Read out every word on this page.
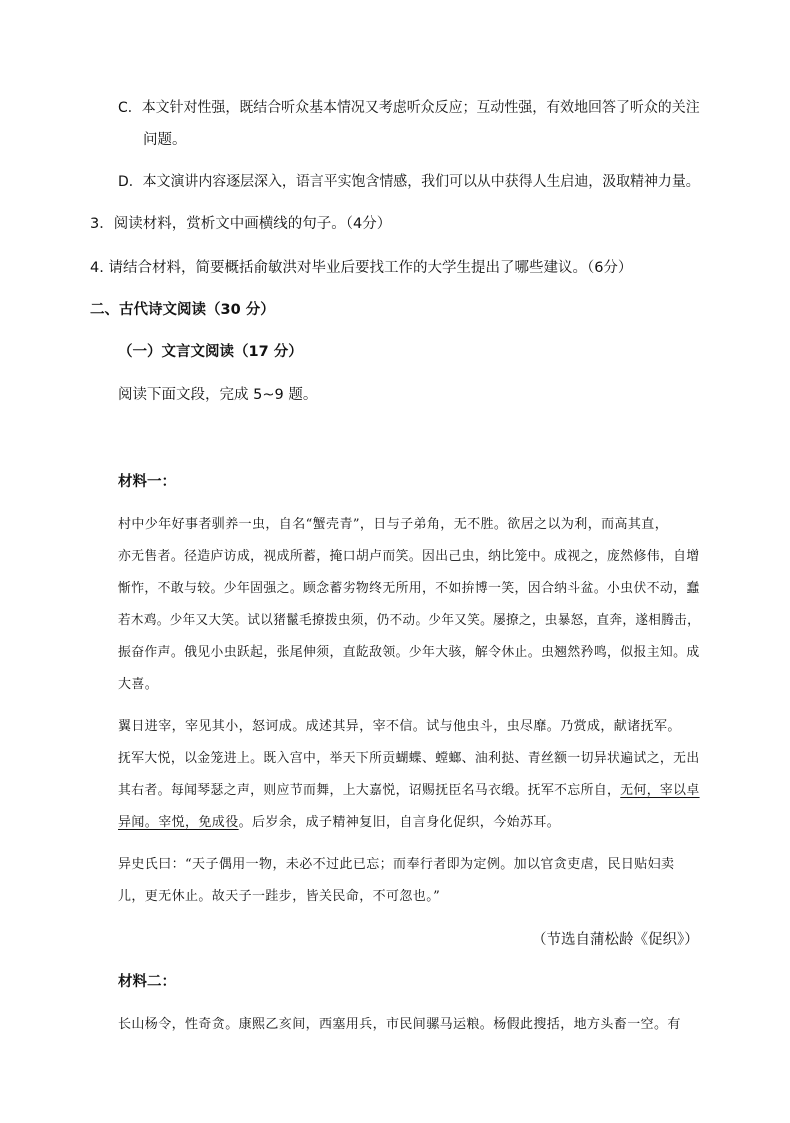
C．本文针对性强，既结合听众基本情况又考虑听众反应；互动性强，有效地回答了听众的关注
问题。
D．本文演讲内容逐层深入，语言平实饱含情感，我们可以从中获得人生启迪，汲取精神力量。
3．阅读材料，赏析文中画横线的句子。（4分）
4. 请结合材料，简要概括俞敏洪对毕业后要找工作的大学生提出了哪些建议。（6分）
二、古代诗文阅读（30 分）
（一）文言文阅读（17 分）
阅读下面文段，完成 5~9 题。
材料一：
村中少年好事者驯养一虫，自名“蟹壳青”，日与子弟角，无不胜。欲居之以为利，而高其直，
亦无售者。径造庐访成，视成所蓄，掩口胡卢而笑。因出己虫，纳比笼中。成视之，庞然修伟，自增
惭怍，不敢与较。少年固强之。顾念蓄劣物终无所用，不如拚博一笑，因合纳斗盆。小虫伏不动，蠢
若木鸡。少年又大笑。试以猪鬣毛撩拨虫须，仍不动。少年又笑。屡撩之，虫暴怒，直奔，遂相腾击，
振奋作声。俄见小虫跃起，张尾伸须，直龁敌领。少年大骇，解令休止。虫翘然矜鸣，似报主知。成
大喜。
翼日进宰，宰见其小，怒诃成。成述其异，宰不信。试与他虫斗，虫尽靡。乃赏成，献诸抚军。
抚军大悦，以金笼进上。既入宫中，举天下所贡蝴蝶、螳螂、油利挞、青丝额一切异状遍试之，无出
其右者。每闻琴瑟之声，则应节而舞，上大嘉悦，诏赐抚臣名马衣缎。抚军不忘所自，无何，宰以卓
异闻。宰悦，免成役。后岁余，成子精神复旧，自言身化促织，今始苏耳。
异史氏曰：“天子偶用一物，未必不过此已忘；而奉行者即为定例。加以官贪吏虐，民日贴妇卖
儿，更无休止。故天子一跬步，皆关民命，不可忽也。”
（节选自蒲松龄《促织》）
材料二：
长山杨令，性奇贪。康熙乙亥间，西塞用兵，市民间骡马运粮。杨假此搜括，地方头畜一空。有
